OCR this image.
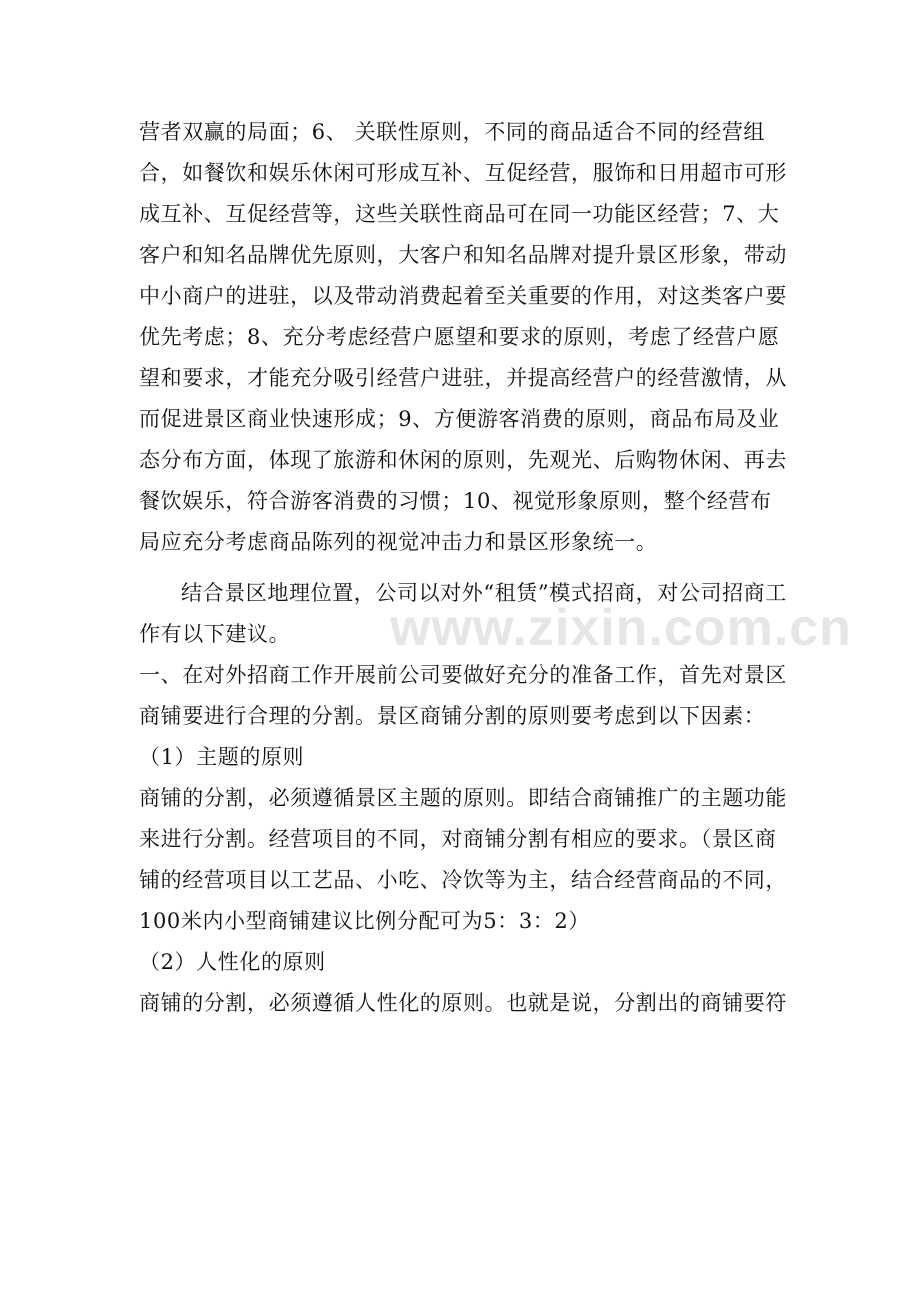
www.zixin.com.cn

营者双赢的局面；6、 关联性原则，不同的商品适合不同的经营组合，如餐饮和娱乐休闲可形成互补、互促经营，服饰和日用超市可形成互补、互促经营等，这些关联性商品可在同一功能区经营；7、大客户和知名品牌优先原则，大客户和知名品牌对提升景区形象，带动中小商户的进驻，以及带动消费起着至关重要的作用，对这类客户要优先考虑；8、充分考虑经营户愿望和要求的原则，考虑了经营户愿望和要求，才能充分吸引经营户进驻，并提高经营户的经营激情，从而促进景区商业快速形成；9、方便游客消费的原则，商品布局及业态分布方面，体现了旅游和休闲的原则，先观光、后购物休闲、再去餐饮娱乐，符合游客消费的习惯；10、视觉形象原则，整个经营布局应充分考虑商品陈列的视觉冲击力和景区形象统一。

结合景区地理位置，公司以对外“租赁”模式招商，对公司招商工作有以下建议。

一、在对外招商工作开展前公司要做好充分的准备工作，首先对景区商铺要进行合理的分割。景区商铺分割的原则要考虑到以下因素：

（1）主题的原则

商铺的分割，必须遵循景区主题的原则。即结合商铺推广的主题功能来进行分割。经营项目的不同，对商铺分割有相应的要求。（景区商铺的经营项目以工艺品、小吃、冷饮等为主，结合经营商品的不同，100米内小型商铺建议比例分配可为5：3：2）

（2）人性化的原则

商铺的分割，必须遵循人性化的原则。也就是说，分割出的商铺要符
